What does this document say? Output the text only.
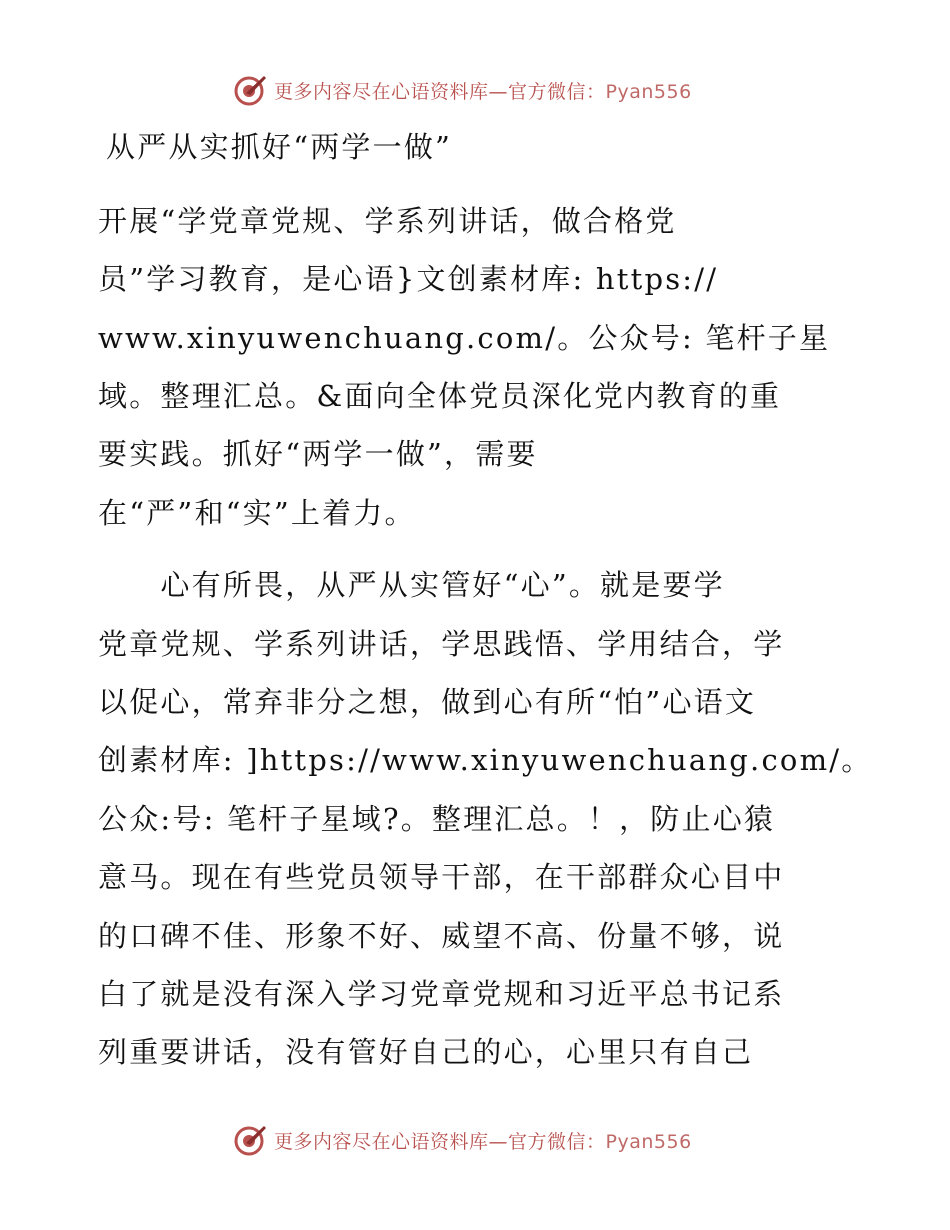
更多内容尽在心语资料库—官方微信：Pyan556
从严从实抓好“两学一做”
开展“学党章党规、学系列讲话，做合格党
员”学习教育，是心语}文创素材库: https://
www.xinyuwenchuang.com/。公众号: 笔杆子星
域。整理汇总。&面向全体党员深化党内教育的重
要实践。抓好“两学一做”，需要
在“严”和“实”上着力。
　　心有所畏，从严从实管好“心”。就是要学
党章党规、学系列讲话，学思践悟、学用结合，学
以促心，常弃非分之想，做到心有所“怕”心语文
创素材库: ]https://www.xinyuwenchuang.com/。
公众:号: 笔杆子星域?。整理汇总。！，防止心猿
意马。现在有些党员领导干部，在干部群众心目中
的口碑不佳、形象不好、威望不高、份量不够，说
白了就是没有深入学习党章党规和习近平总书记系
列重要讲话，没有管好自己的心，心里只有自己
更多内容尽在心语资料库—官方微信：Pyan556
